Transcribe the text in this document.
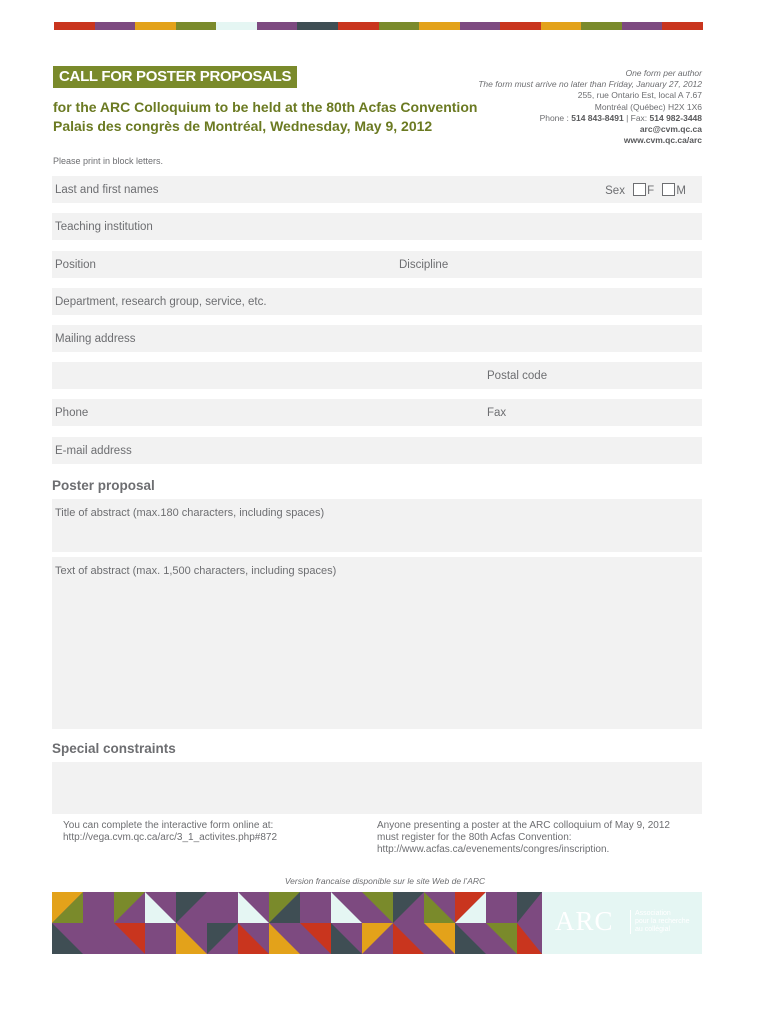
CALL FOR POSTER PROPOSALS
for the ARC Colloquium to be held at the 80th Acfas Convention
Palais des congrès de Montréal, Wednesday, May 9, 2012
One form per author
The form must arrive no later than Friday, January 27, 2012
255, rue Ontario Est, local A 7.67
Montréal (Québec) H2X 1X6
Phone : 514 843-8491 | Fax: 514 982-3448
arc@cvm.qc.ca
www.cvm.qc.ca/arc
Please print in block letters.
Last and first names	Sex F M
Teaching institution
Position	Discipline
Department, research group, service, etc.
Mailing address
Postal code
Phone	Fax
E-mail address
Poster proposal
Title of abstract (max.180 characters, including spaces)
Text of abstract (max. 1,500 characters, including spaces)
Special constraints
You can complete the interactive form online at:
http://vega.cvm.qc.ca/arc/3_1_activites.php#872
Anyone presenting a poster at the ARC colloquium of May 9, 2012
must register for the 80th Acfas Convention:
http://www.acfas.ca/evenements/congres/inscription.
Version francaise disponible sur le site Web de l’ARC
ARC	Association
pour la recherche
au collégial
